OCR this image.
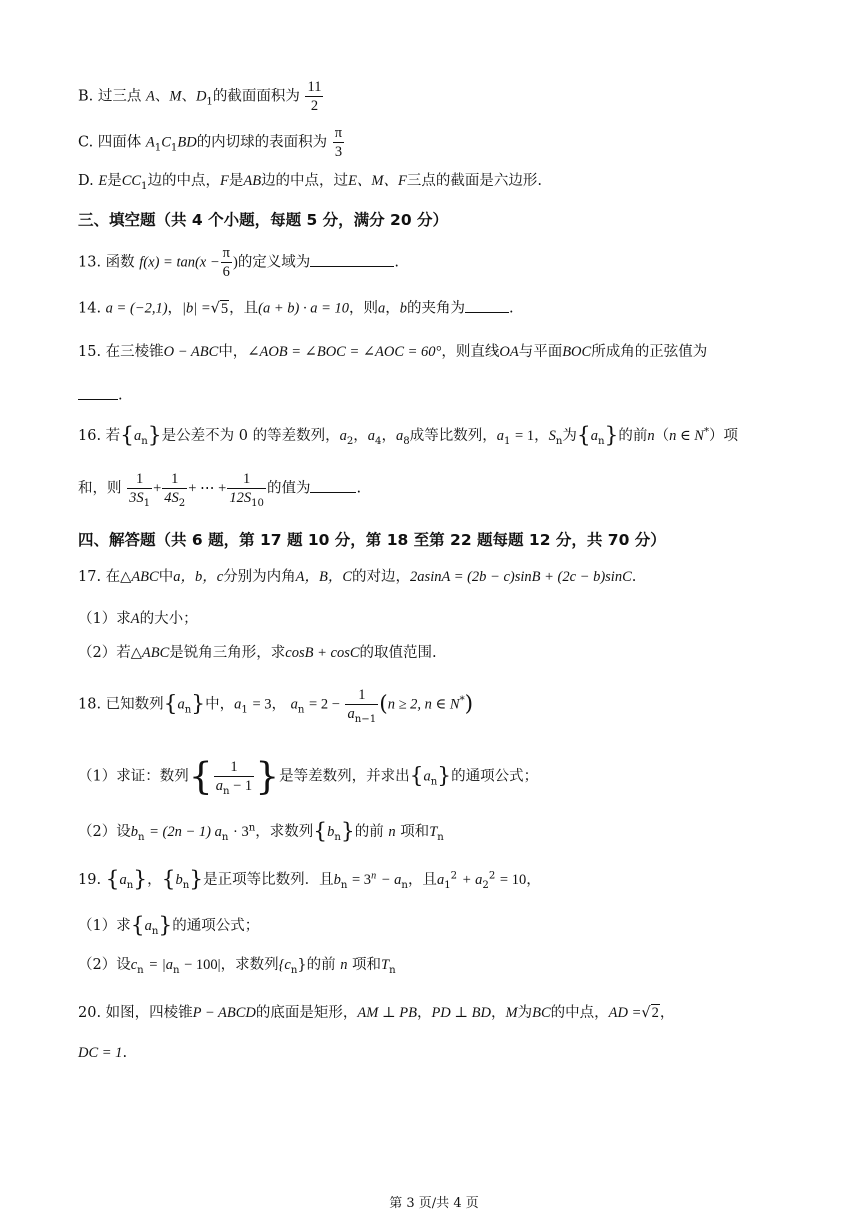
B. 过三点 A、M、$D_1$的截面面积为 $\frac{11}{2}$
C. 四面体 $A_1C_1BD$的内切球的表面积为 $\frac{\pi}{3}$
D. E是$CC_1$边的中点，F是AB边的中点，过E、M、F三点的截面是六边形.
三、填空题（共 4 个小题，每题 5 分，满分 20 分）
13. 函数 $f(x) = \tan(x - \frac{\pi}{6}$ )的定义域为	.
14. a = (−2,1)，|b| =√5，且(a + b) · a = 10，则a，b的夹角为	.
15. 在三棱锥O − ABC中，∠AOB = ∠BOC = ∠AOC = 60°，则直线OA与平面BOC所成角的正弦值为
.
16. 若$\{a_n\}$是公差不为 0 的等差数列，$a_2$，$a_4$，$a_8$成等比数列，$a_1 = 1$，$S_n$为$\{a_n\}$的前n（n ∈ N*）项
和，则 $\frac{1}{3S_1} + \frac{1}{4S_2}$ + ⋯ + $\frac{1}{12S_{10}}$ 的值为	.
四、解答题（共 6 题，第 17 题 10 分，第 18 至第 22 题每题 12 分，共 70 分）
17. 在△ABC中a，b，c分别为内角A，B，C的对边，2asinA = (2b − c)sinB + (2c − b)sinC.
（1）求A的大小；
（2）若△ABC是锐角三角形，求cosB + cosC的取值范围.
18. 已知数列$\{a_n\}$中，$a_1 = 3$， $a_n = 2 - \frac{1}{a_{n-1}} (n \ge 2$, n ∈ N*)
（1）求证：数列{ $\frac{1}{a_n - 1}$ }是等差数列，并求出$\{a_n\}$的通项公式；
（2）设$b_n = (2n - 1) a_n \cdot 3^n$，求数列$\{b_n\}$的前 n 项和$T_n$
19. $\{a_n\}$，$\{b_n\}$是正项等比数列．且$b_n = 3^n - a_n$，且$a_1^2 + a_2^2 = 10$，
（1）求$\{a_n\}$的通项公式；
（2）设$c_n = |a_n - 100|$，求数列$\{c_n\}$的前 n 项和$T_n$
20. 如图，四棱锥P − ABCD的底面是矩形，AM ⊥ PB，PD ⊥ BD，M为BC的中点，AD =√2，
DC = 1.
第 3 页/共 4 页
